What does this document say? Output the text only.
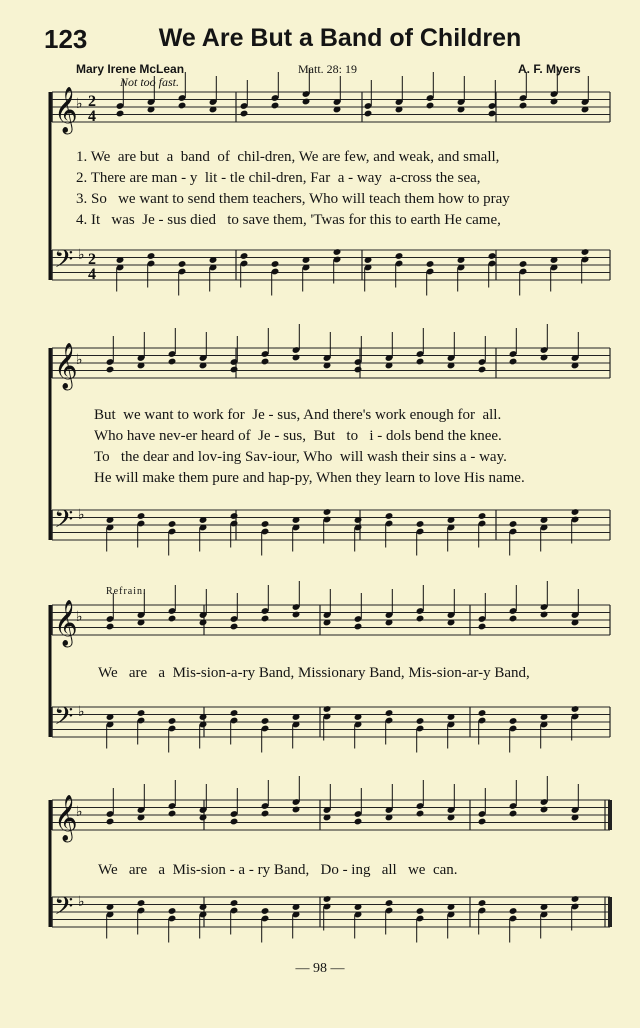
123	We Are But a Band of Children
Mary Irene McLean	Matt. 28: 19	A. F. Myers
Not too fast.
𝄞
♭ 2
4
𝄢 ♭ 2
4
𝄞
♭
𝄢 ♭
𝄞
♭
𝄢 ♭
𝄞
♭
𝄢 ♭
1. We  are but  a  band  of  chil-dren, We are few, and weak, and small,
2. There are man - y  lit - tle chil-dren, Far  a - way  a-cross the sea,
3. So   we want to send them teachers, Who will teach them how to pray
4. It   was  Je - sus died   to save them, 'Twas for this to earth He came,
But  we want to work for  Je - sus, And there's work enough for  all.
Who have nev-er heard of  Je - sus,  But   to   i - dols bend the knee.
To   the dear and lov-ing Sav-iour, Who  will wash their sins a - way.
He will make them pure and hap-py, When they learn to love His name.
Refrain.
We   are   a  Mis-sion-a-ry Band, Missionary Band, Mis-sion-ar-y Band,
We   are   a  Mis-sion - a - ry Band,   Do - ing   all   we  can.
— 98 —
